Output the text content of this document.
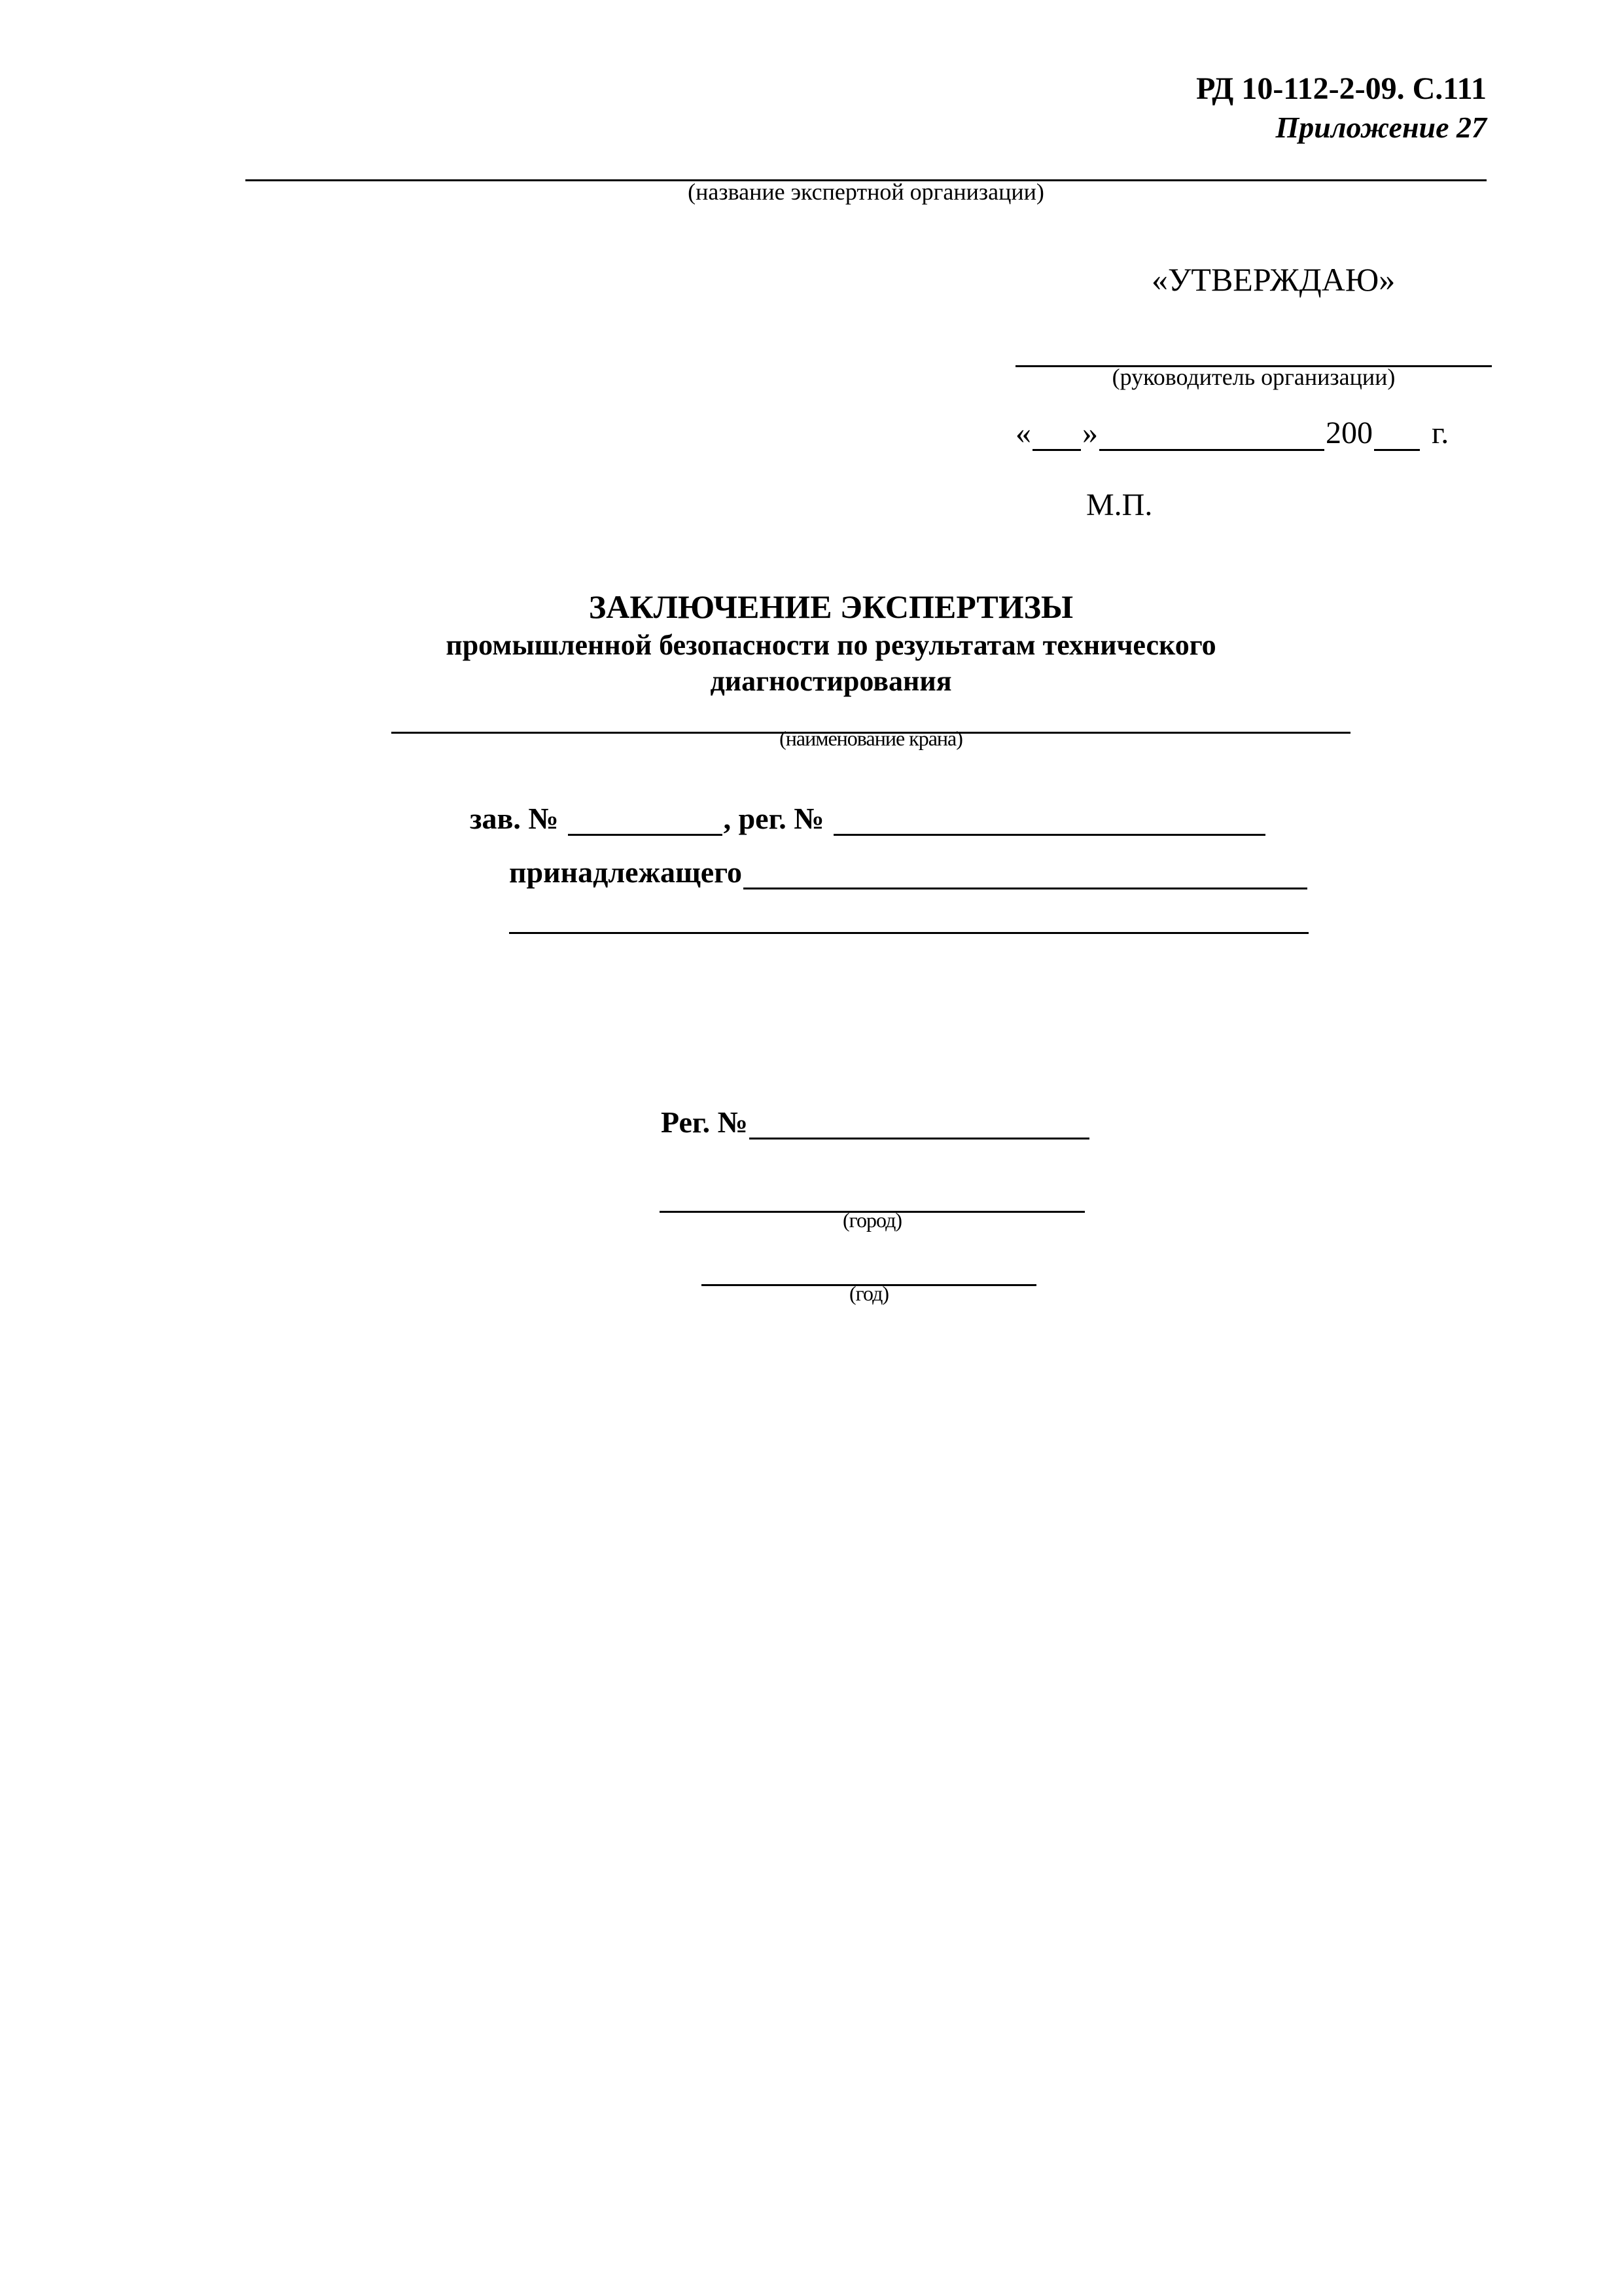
РД 10-112-2-09. С.111
Приложение 27
(название экспертной организации)
«УТВЕРЖДАЮ»
(руководитель организации)
« »	200 г.
М.П.
ЗАКЛЮЧЕНИЕ ЭКСПЕРТИЗЫ
промышленной безопасности по результатам технического
диагностирования
(наименование крана)
зав. №	, рег. №
принадлежащего
Рег. №
(город)
(год)
